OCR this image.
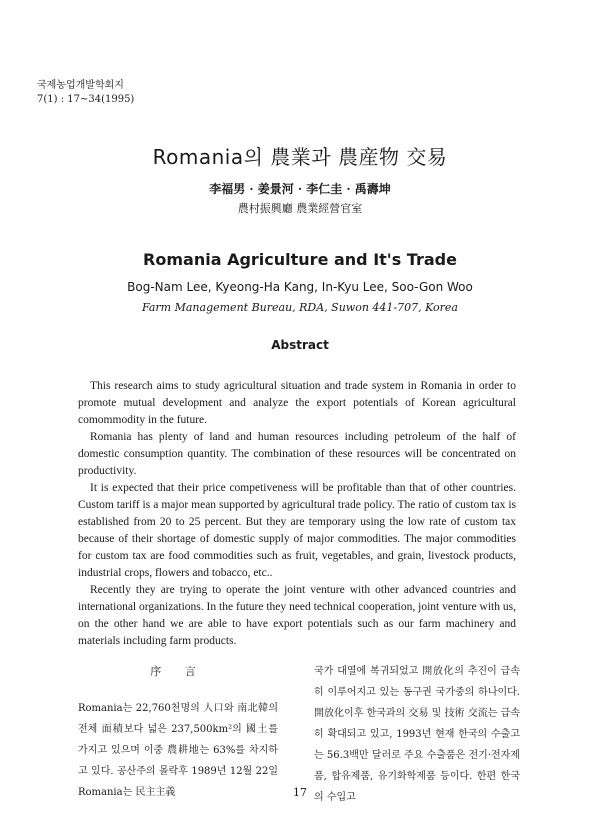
국제농업개발학회지
7(1) : 17~34(1995)
Romania의 農業과 農産物 交易
李福男 · 姜景河 · 李仁圭 · 禹壽坤
農村振興廳 農業經營官室
Romania Agriculture and It's Trade
Bog-Nam Lee, Kyeong-Ha Kang, In-Kyu Lee, Soo-Gon Woo
Farm Management Bureau, RDA, Suwon 441-707, Korea
Abstract

This research aims to study agricultural situation and trade system in Romania in order to promote mutual development and analyze the export potentials of Korean agricultural comommodity in the future.

Romania has plenty of land and human resources including petroleum of the half of domestic consumption quantity. The combination of these resources will be concentrated on productivity.

It is expected that their price competiveness will be profitable than that of other countries. Custom tariff is a major mean supported by agricultural trade policy. The ratio of custom tax is established from 20 to 25 percent. But they are temporary using the low rate of custom tax because of their shortage of domestic supply of major commodities. The major commodities for custom tax are food commodities such as fruit, vegetables, and grain, livestock products, industrial crops, flowers and tobacco, etc..

Recently they are trying to operate the joint venture with other advanced countries and international organizations. In the future they need technical cooperation, joint venture with us, on the other hand we are able to have export potentials such as our farm machinery and materials including farm products.

序 言

Romania는 22,760천명의 人口와 南北韓의 전체 面積보다 넓은 237,500km²의 國土를 가지고 있으며 이중 農耕地는 63%를 차지하고 있다. 공산주의 몰락후 1989년 12월 22일 Romania는 民主主義

국가 대열에 복귀되었고 開放化의 추진이 급속히 이루어지고 있는 동구권 국가중의 하나이다. 開放化이후 한국과의 交易 및 技術 交流는 급속히 확대되고 있고, 1993년 현재 한국의 수출고는 56.3백만 달러로 주요 수출품은 전기·전자제품, 합유제품, 유기화학제품 등이다. 한편 한국의 수입고

17
